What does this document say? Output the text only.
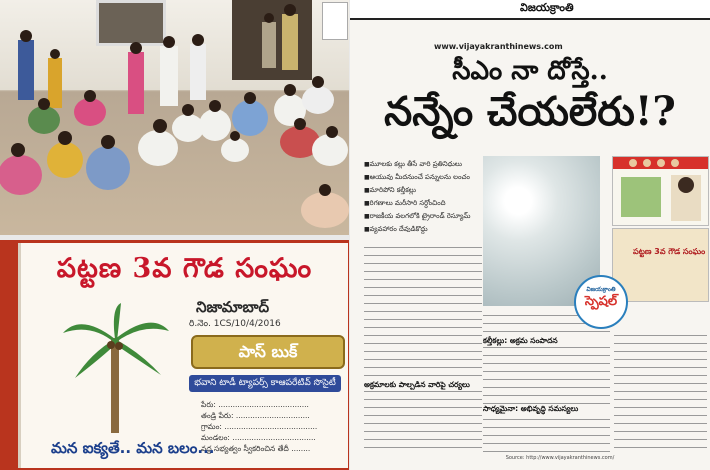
పట్టణ 3వ గౌడ సంఘం
నిజామాబాద్
రి.నెం. 1CS/10/4/2016
పాస్ బుక్
భవాని టాడీ ట్యాపర్స్ కాఆపరేటివ్ సొసైటీ
పేరు: ......................................
తండ్రి పేరు: ...............................
గ్రామం: .......................................
మండలం: ...................................
వద్ద సభ్యత్వం స్వీకరించిన తేదీ ........
మన ఐక్యతే.. మన బలం...
విజయక్రాంతి
www.vijayakranthinews.com
సీఎం నా దోస్తే..
నన్నేం చేయలేరు!?
■ మూలకు కల్లు తీసే వారి ప్రతినిధులు
■ ఆయువు మీదనుంచే పన్నులను లంచం
■ మారిపోని కల్తీకల్లు
■ రిగణాలు మరీసారి సర్ధోంచింది
■ రాజకీయ వలగలోకి ట్రైరాండ్ రెస్యూమ్
■ వ్యవహారం దేవుడికొద్దు
అక్రమాలకు పాల్పడిన వారిపై చర్యలు
కల్తీకల్లు: అక్రమ సంపాదన
పట్టణ 3వ గౌడ సంఘం
విజయక్రాంతి
స్పెషల్
సాధ్యమైనా: అభివృద్ధి సమస్యలు
Source: http://www.vijayakranthinews.com/
